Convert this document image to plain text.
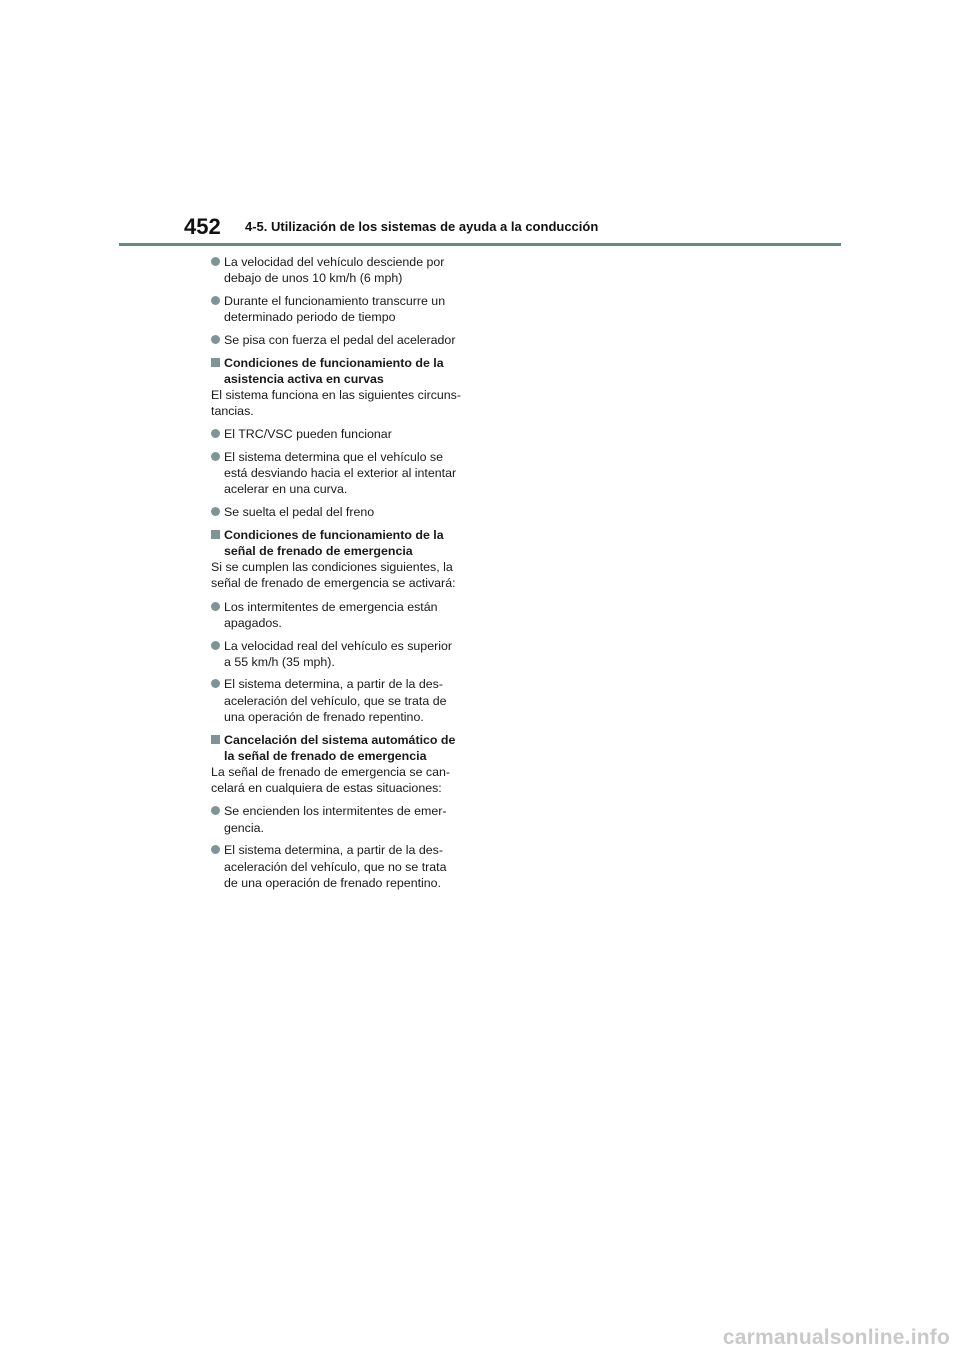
452 4-5. Utilización de los sistemas de ayuda a la conducción
La velocidad del vehículo desciende por
debajo de unos 10 km/h (6 mph)
Durante el funcionamiento transcurre un
determinado periodo de tiempo
Se pisa con fuerza el pedal del acelerador
Condiciones de funcionamiento de la
asistencia activa en curvas
El sistema funciona en las siguientes circuns-
tancias.
El TRC/VSC pueden funcionar
El sistema determina que el vehículo se
está desviando hacia el exterior al intentar
acelerar en una curva.
Se suelta el pedal del freno
Condiciones de funcionamiento de la
señal de frenado de emergencia
Si se cumplen las condiciones siguientes, la
señal de frenado de emergencia se activará:
Los intermitentes de emergencia están
apagados.
La velocidad real del vehículo es superior
a 55 km/h (35 mph).
El sistema determina, a partir de la des-
aceleración del vehículo, que se trata de
una operación de frenado repentino.
Cancelación del sistema automático de
la señal de frenado de emergencia
La señal de frenado de emergencia se can-
celará en cualquiera de estas situaciones:
Se encienden los intermitentes de emer-
gencia.
El sistema determina, a partir de la des-
aceleración del vehículo, que no se trata
de una operación de frenado repentino.
carmanualsonline.info
